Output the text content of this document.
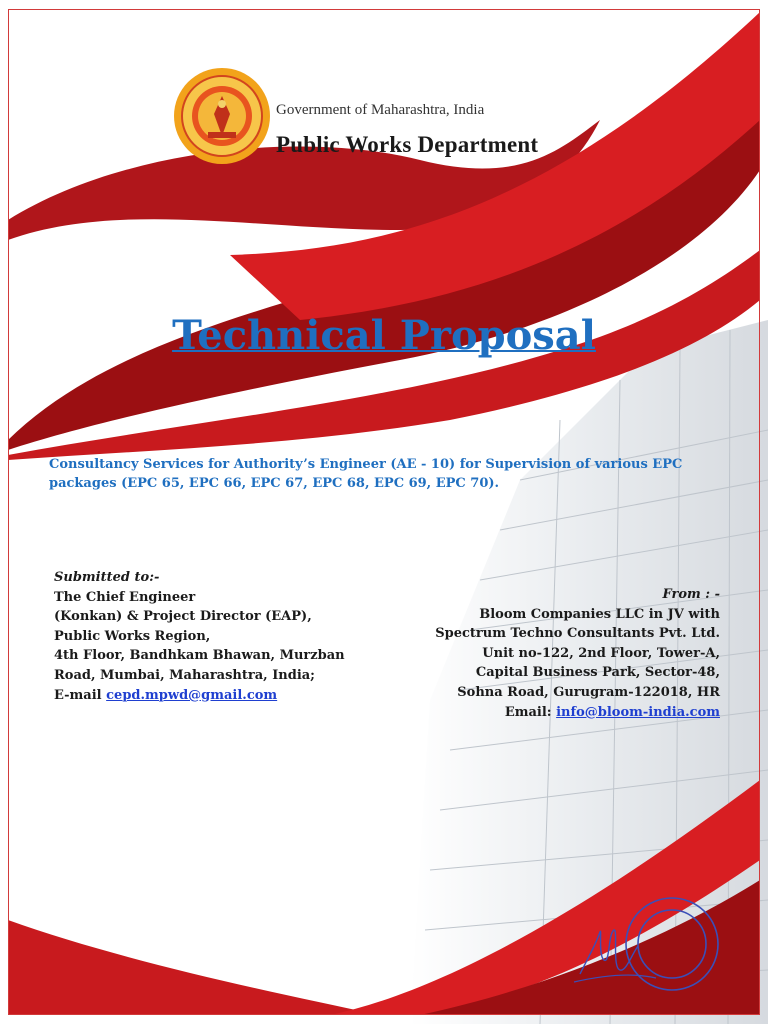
Government of Maharashtra, India
Public Works Department
Technical Proposal
Consultancy Services for Authority’s Engineer (AE - 10) for Supervision of various EPC packages (EPC 65, EPC 66, EPC 67, EPC 68, EPC 69, EPC 70).
Submitted to:-
The Chief Engineer
(Konkan) & Project Director (EAP),
Public Works Region,
4th Floor, Bandhkam Bhawan, Murzban
Road, Mumbai, Maharashtra, India;
E-mail cepd.mpwd@gmail.com
From : -
Bloom Companies LLC in JV with
Spectrum Techno Consultants Pvt. Ltd.
Unit no-122, 2nd Floor, Tower-A,
Capital Business Park, Sector-48,
Sohna Road, Gurugram-122018, HR
Email: info@bloom-india.com
